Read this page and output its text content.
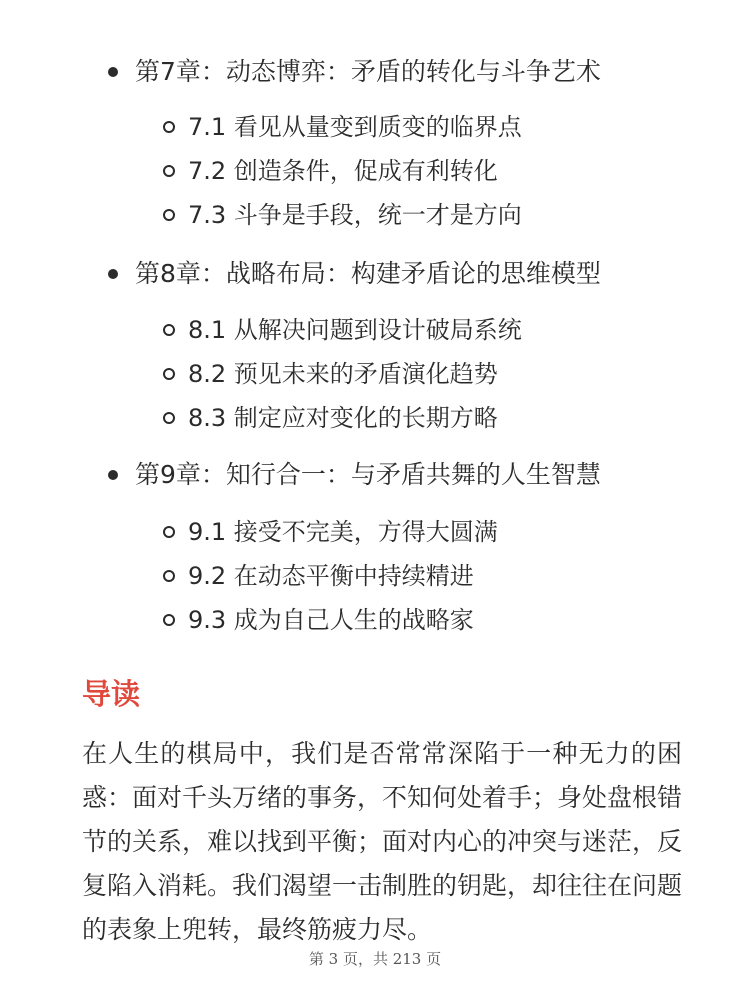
第7章：动态博弈：矛盾的转化与斗争艺术
7.1 看见从量变到质变的临界点
7.2 创造条件，促成有利转化
7.3 斗争是手段，统一才是方向
第8章：战略布局：构建矛盾论的思维模型
8.1 从解决问题到设计破局系统
8.2 预见未来的矛盾演化趋势
8.3 制定应对变化的长期方略
第9章：知行合一：与矛盾共舞的人生智慧
9.1 接受不完美，方得大圆满
9.2 在动态平衡中持续精进
9.3 成为自己人生的战略家
导读

在人生的棋局中，我们是否常常深陷于一种无力的困惑：面对千头万绪的事务，不知何处着手；身处盘根错节的关系，难以找到平衡；面对内心的冲突与迷茫，反复陷入消耗。我们渴望一击制胜的钥匙，却往往在问题的表象上兜转，最终筋疲力尽。

第 3 页，共 213 页
